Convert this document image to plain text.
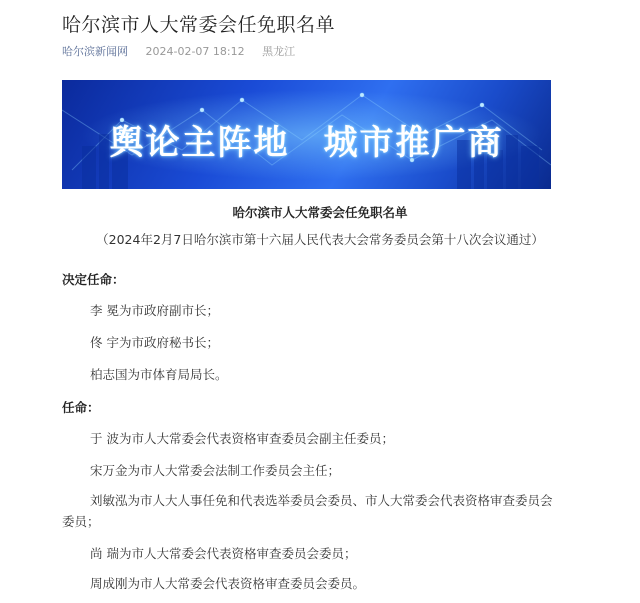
哈尔滨市人大常委会任免职名单
哈尔滨新闻网 2024-02-07 18:12 黑龙江
舆论主阵地 城市推广商
哈尔滨市人大常委会任免职名单
（2024年2月7日哈尔滨市第十六届人民代表大会常务委员会第十八次会议通过）
决定任命：
李 冕为市政府副市长；
佟 宇为市政府秘书长；
柏志国为市体育局局长。
任命：
于 波为市人大常委会代表资格审查委员会副主任委员；
宋万金为市人大常委会法制工作委员会主任；
刘敏泓为市人大人事任免和代表选举委员会委员、市人大常委会代表资格审查委员会委员；
尚 瑞为市人大常委会代表资格审查委员会委员；
周成刚为市人大常委会代表资格审查委员会委员。
